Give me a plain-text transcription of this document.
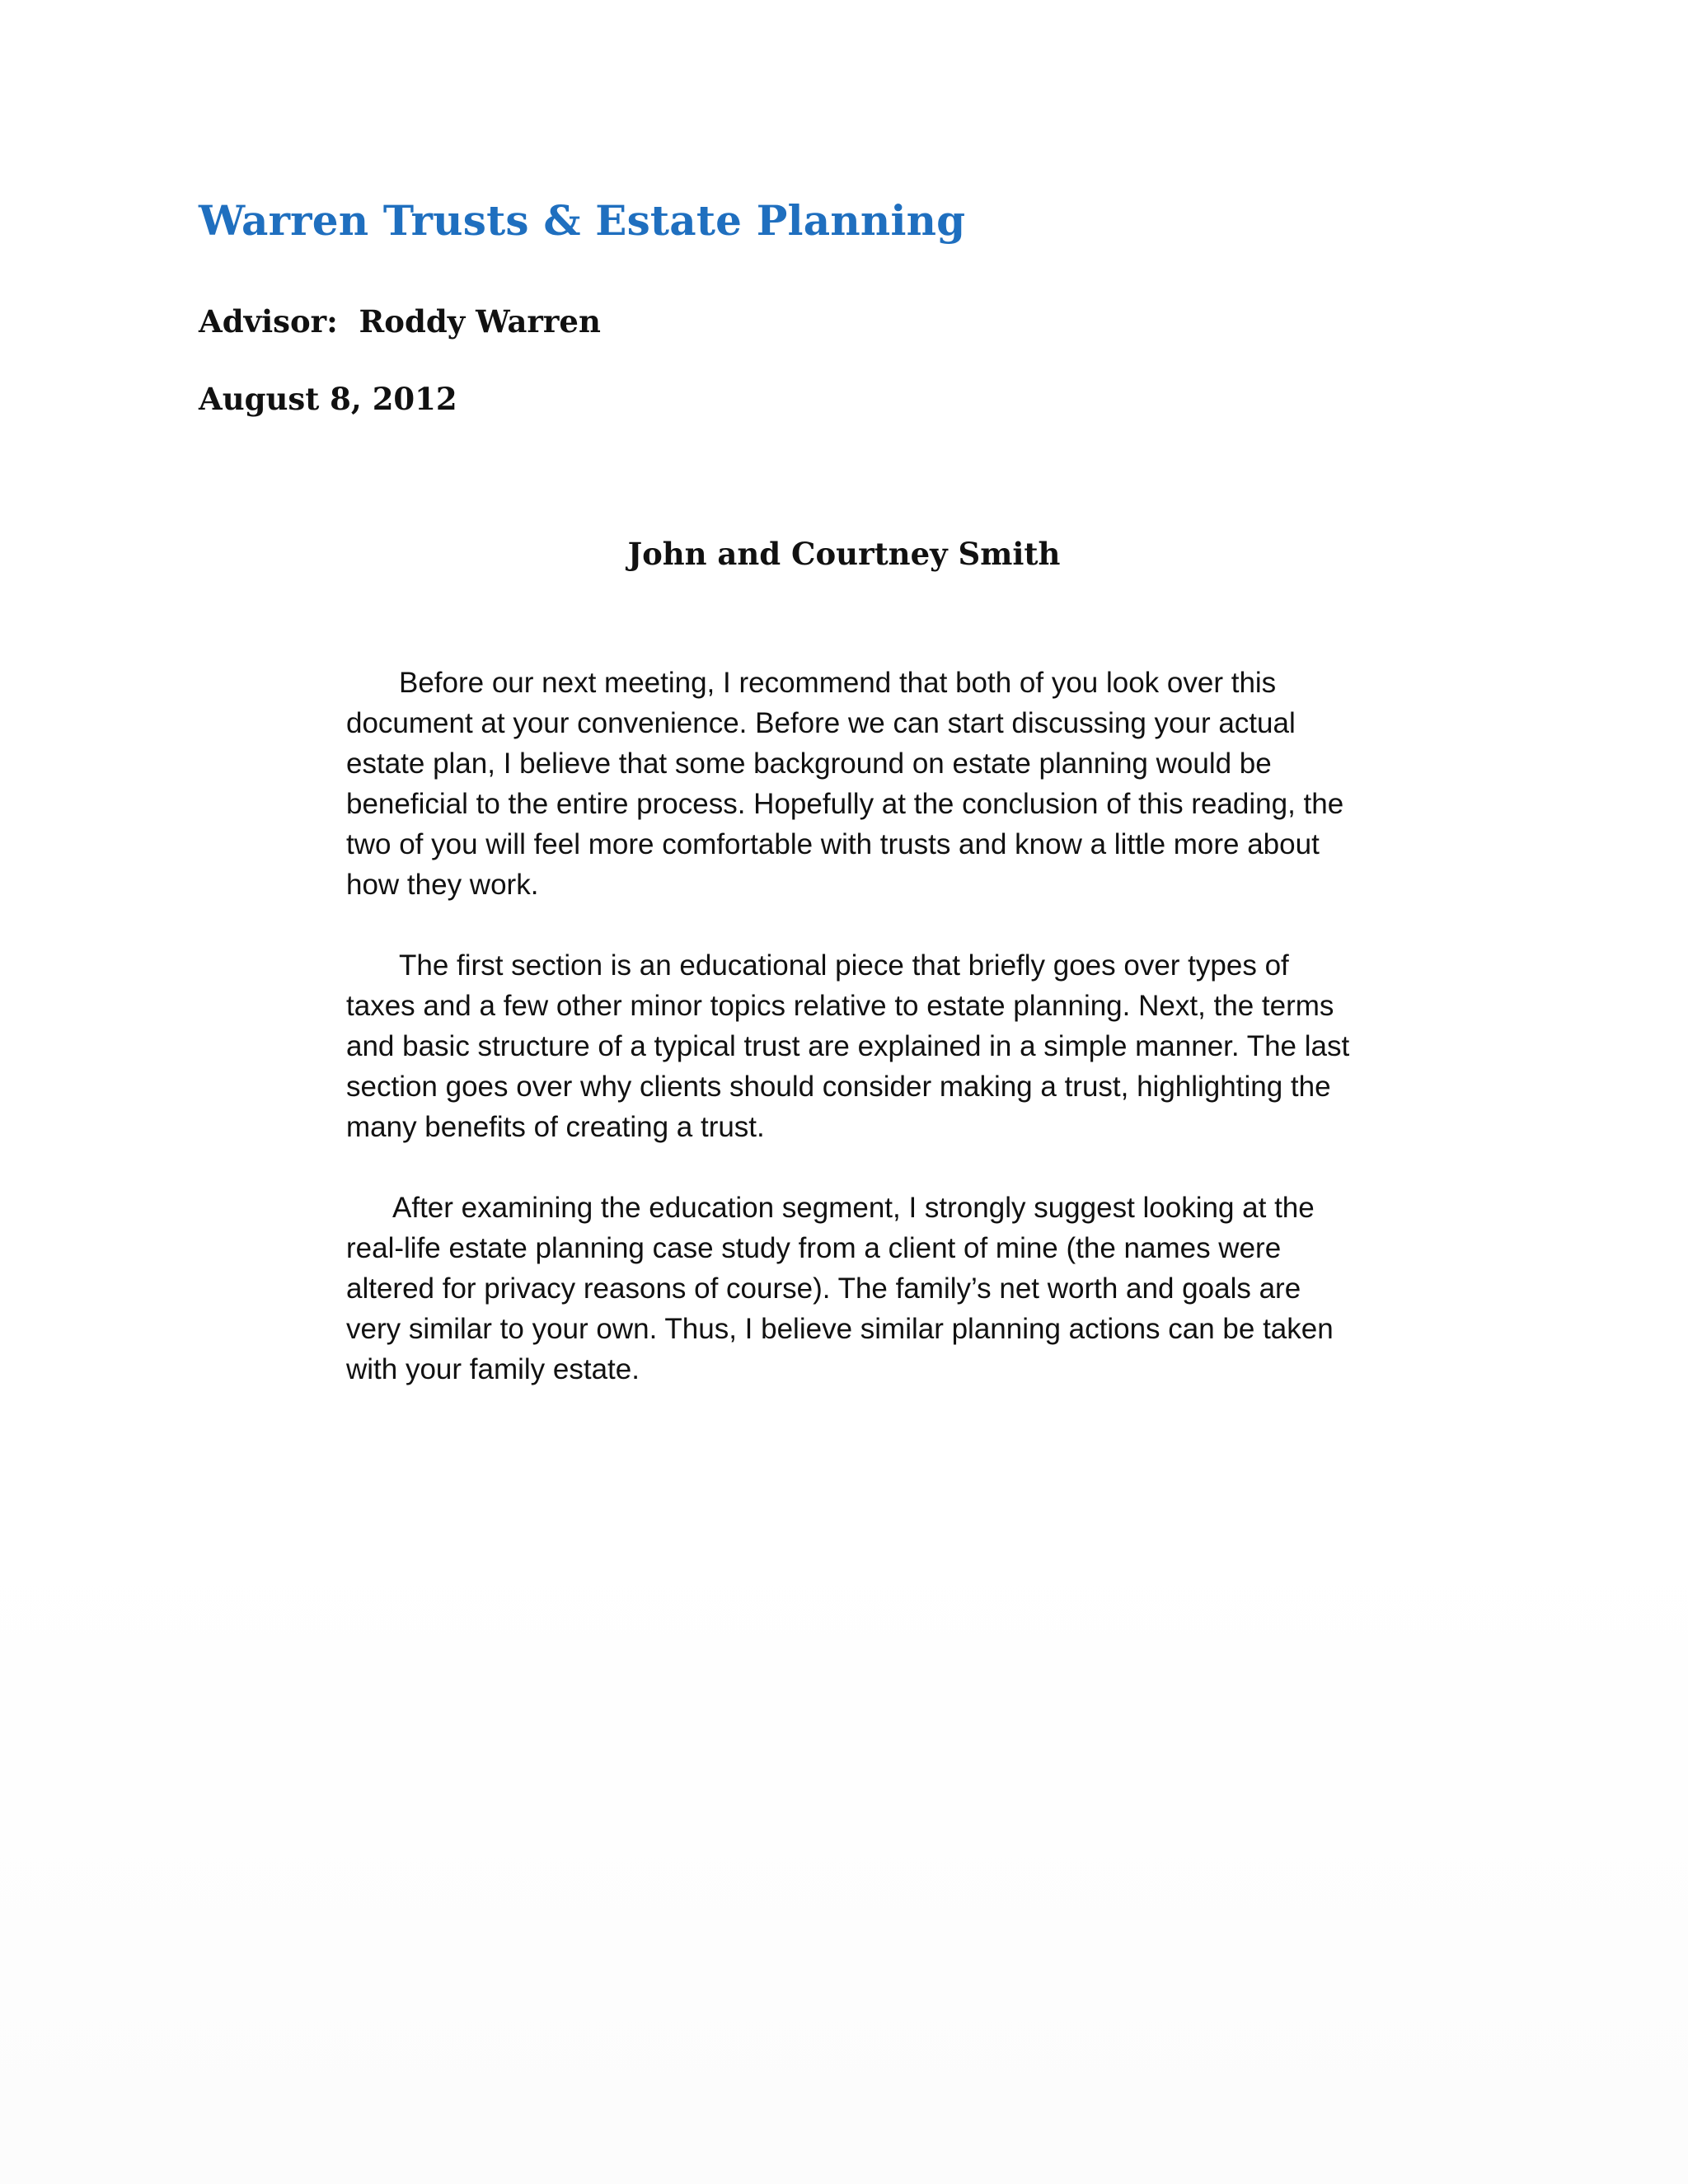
Warren Trusts & Estate Planning

Advisor:  Roddy Warren

August 8, 2012

John and Courtney Smith

Before our next meeting, I recommend that both of you look over this document at your convenience. Before we can start discussing your actual estate plan, I believe that some background on estate planning would be beneficial to the entire process. Hopefully at the conclusion of this reading, the two of you will feel more comfortable with trusts and know a little more about how they work.

The first section is an educational piece that briefly goes over types of taxes and a few other minor topics relative to estate planning. Next, the terms and basic structure of a typical trust are explained in a simple manner. The last section goes over why clients should consider making a trust, highlighting the many benefits of creating a trust.

After examining the education segment, I strongly suggest looking at the real-life estate planning case study from a client of mine (the names were altered for privacy reasons of course). The family’s net worth and goals are very similar to your own. Thus, I believe similar planning actions can be taken with your family estate.
